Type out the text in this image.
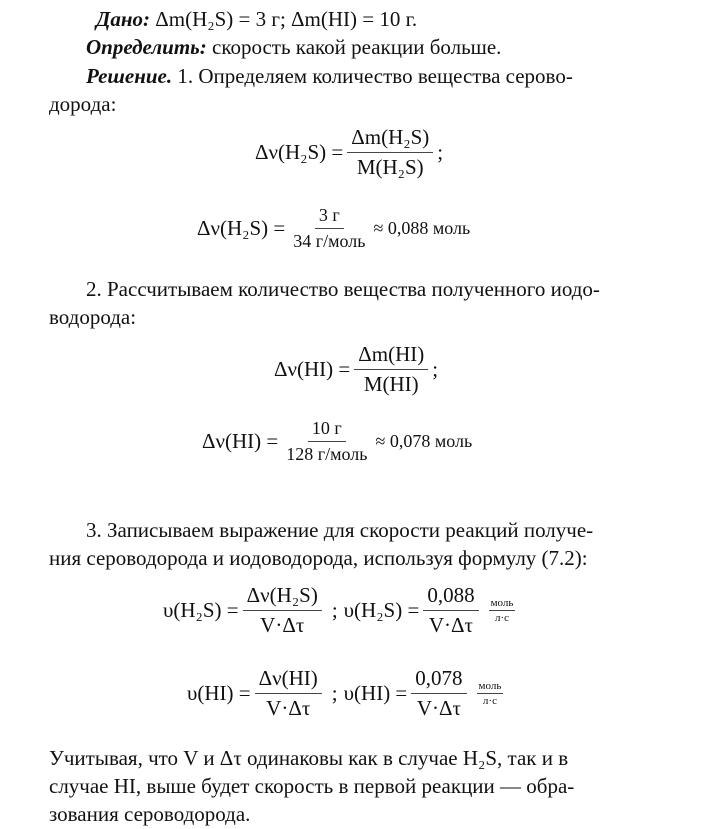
Дано: Δm(H₂S) = 3 г; Δm(HI) = 10 г.
Определить: скорость какой реакции больше.
Решение. 1. Определяем количество вещества серово-
дорода:
$\Delta\nu(H_2S) = \frac{\text{Δm(H₂S)}}{\text{M(H₂S)}}$ ;
$\Delta\nu(H_2S) = \frac{3 г}{\text{34 г/моль}} \approx 0,088$ моль
2. Рассчитываем количество вещества полученного иодо-
водорода:
$\Delta\nu(HI) = \frac{\Delta m(HI)}{M(HI)}$ ;
$\Delta\nu(HI) = \frac{10 г}{\text{128 г/моль}} \approx 0,078$ моль
3. Записываем выражение для скорости реакций получе-
ния сероводорода и иодоводорода, используя формулу (7.2):
$\upsilon(H_2S) = \frac{\text{Δν(H₂S)}}{V\cdot\Delta\tau}$ ; $\upsilon(H_2S) = \frac{0,088}{V\cdot\Delta\tau} \frac{\text{моль}}{л\cdot с}$
$\upsilon(HI) = \frac{\Delta\nu(HI)}{V\cdot\Delta\tau}$ ; $\upsilon(HI) = \frac{0,078}{V\cdot\Delta\tau} \frac{\text{моль}}{л\cdot с}$
Учитывая, что V и Δτ одинаковы как в случае H₂S, так и в
случае HI, выше будет скорость в первой реакции — обра-
зования сероводорода.
